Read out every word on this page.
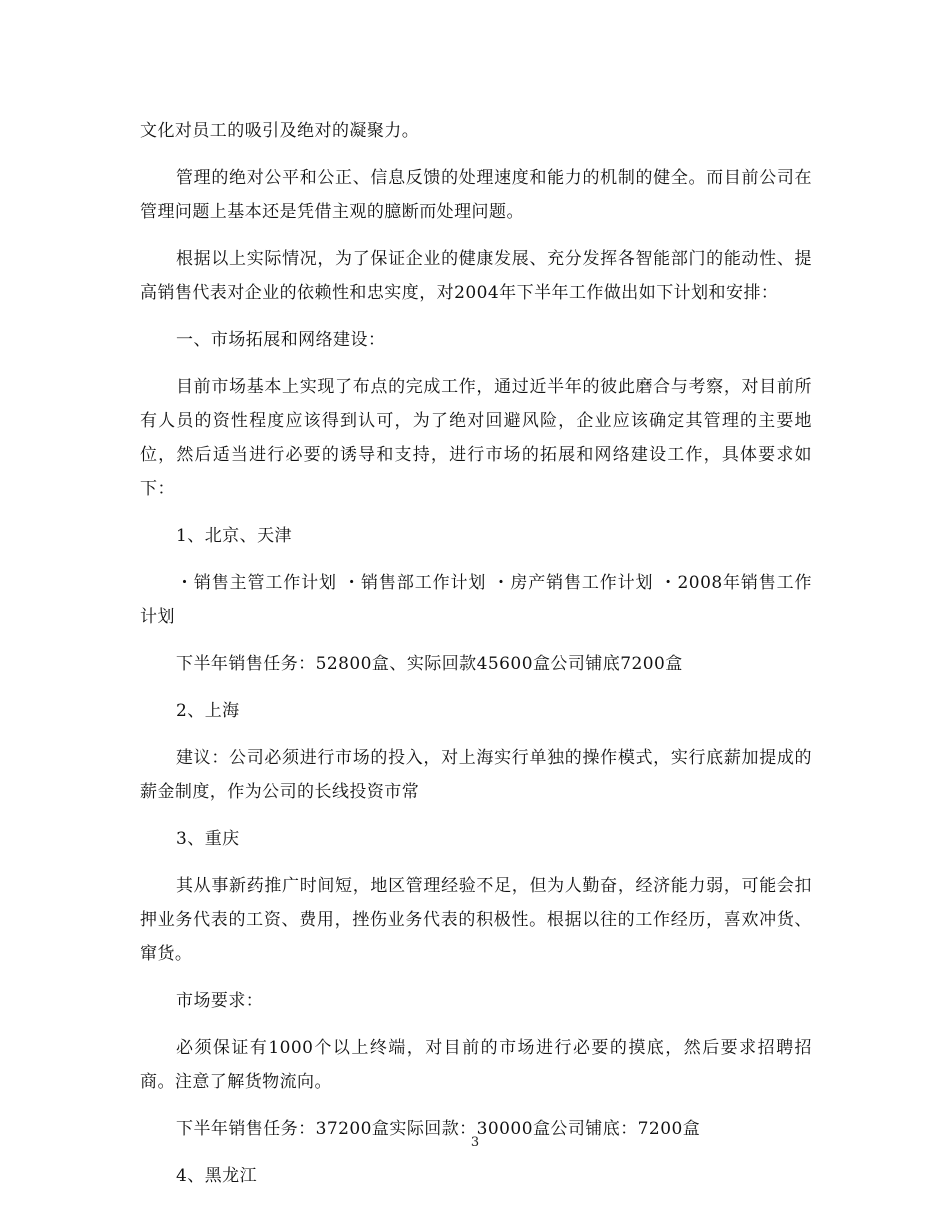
文化对员工的吸引及绝对的凝聚力。

管理的绝对公平和公正、信息反馈的处理速度和能力的机制的健全。而目前公司在管理问题上基本还是凭借主观的臆断而处理问题。

根据以上实际情况，为了保证企业的健康发展、充分发挥各智能部门的能动性、提高销售代表对企业的依赖性和忠实度，对2004年下半年工作做出如下计划和安排：

一、市场拓展和网络建设：

目前市场基本上实现了布点的完成工作，通过近半年的彼此磨合与考察，对目前所有人员的资性程度应该得到认可，为了绝对回避风险，企业应该确定其管理的主要地位，然后适当进行必要的诱导和支持，进行市场的拓展和网络建设工作，具体要求如下：

1、北京、天津

・销售主管工作计划 ・销售部工作计划 ・房产销售工作计划 ・2008年销售工作计划

下半年销售任务：52800盒、实际回款45600盒公司铺底7200盒

2、上海

建议：公司必须进行市场的投入，对上海实行单独的操作模式，实行底薪加提成的薪金制度，作为公司的长线投资市常

3、重庆

其从事新药推广时间短，地区管理经验不足，但为人勤奋，经济能力弱，可能会扣押业务代表的工资、费用，挫伤业务代表的积极性。根据以往的工作经历，喜欢冲货、窜货。

市场要求：

必须保证有1000个以上终端，对目前的市场进行必要的摸底，然后要求招聘招商。注意了解货物流向。

下半年销售任务：37200盒实际回款：30000盒公司铺底：7200盒

4、黑龙江

3
